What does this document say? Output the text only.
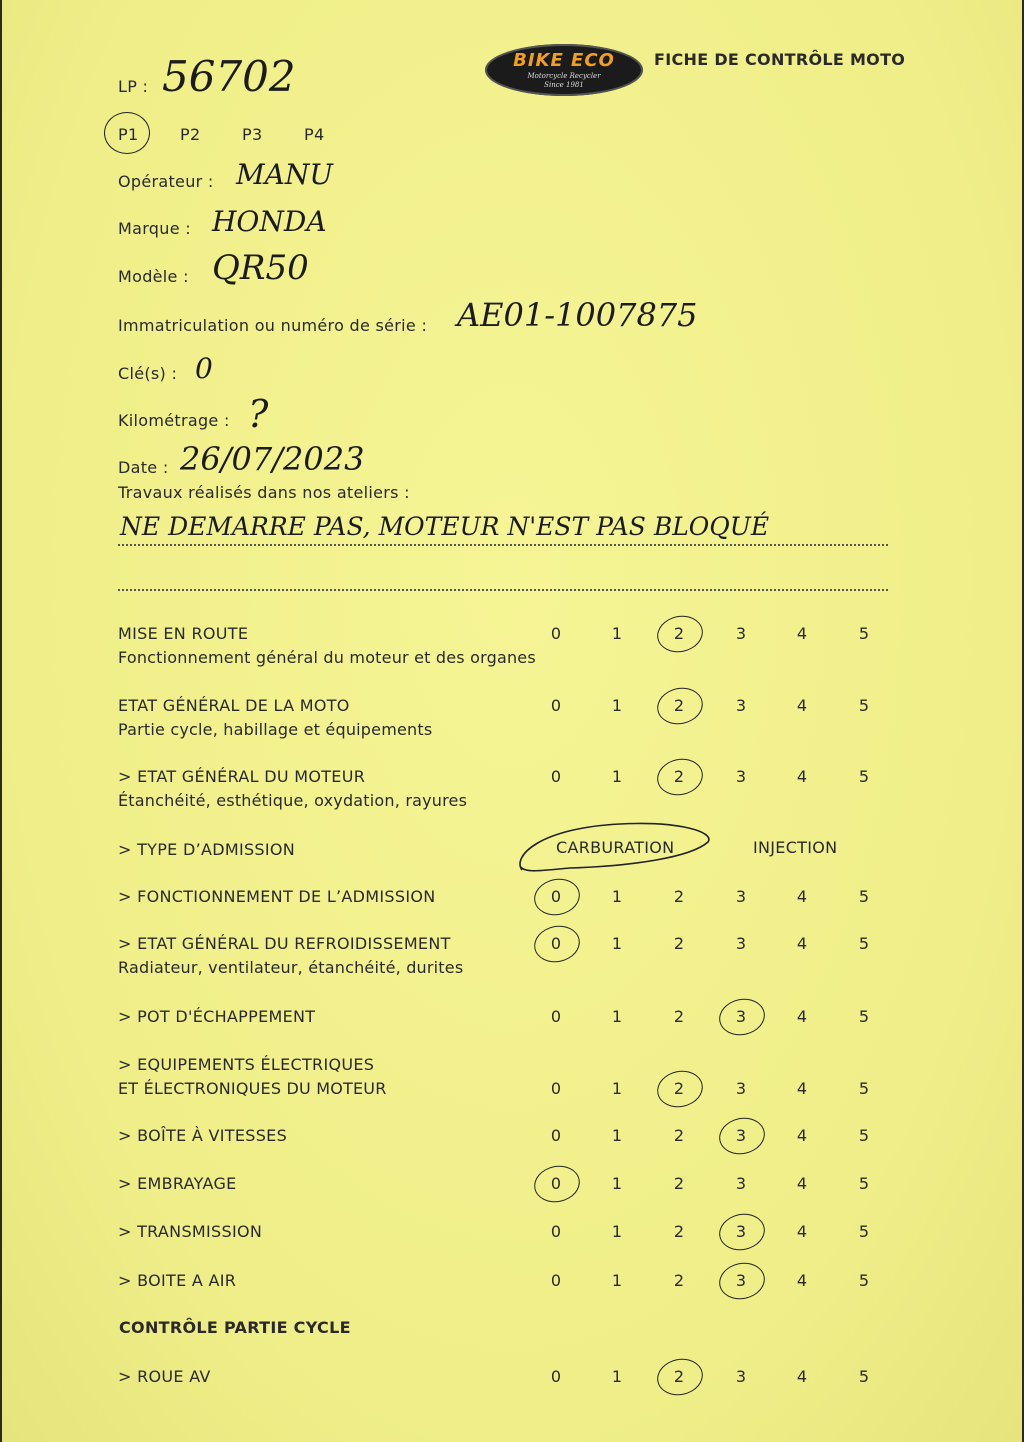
BIKE ECO
Motorcycle Recycler
Since 1981
FICHE DE CONTRÔLE MOTO
LP : 56702
P1	P2	P3	P4
Opérateur : MANU
Marque : HONDA
Modèle : QR50
Immatriculation ou numéro de série : AE01-1007875
Clé(s) : 0
Kilométrage : ?
Date : 26/07/2023
Travaux réalisés dans nos ateliers :
NE DEMARRE PAS, MOTEUR N'EST PAS BLOQUÉ
MISE EN ROUTE
Fonctionnement général du moteur et des organes
0	1	2	3	4	5
ETAT GÉNÉRAL DE LA MOTO
Partie cycle, habillage et équipements
0	1	2	3	4	5
> ETAT GÉNÉRAL DU MOTEUR
Étanchéité, esthétique, oxydation, rayures
0	1	2	3	4	5
> FONCTIONNEMENT DE L’ADMISSION	0	1	2	3	4	5
> ETAT GÉNÉRAL DU REFROIDISSEMENT
Radiateur, ventilateur, étanchéité, durites
0	1	2	3	4	5
> POT D'ÉCHAPPEMENT	0	1	2	3	4	5
> EQUIPEMENTS ÉLECTRIQUES
ET ÉLECTRONIQUES DU MOTEUR	0	1	2	3	4	5
> BOÎTE À VITESSES	0	1	2	3	4	5
> EMBRAYAGE	0	1	2	3	4	5
> TRANSMISSION	0	1	2	3	4	5
> BOITE A AIR	0	1	2	3	4	5
> ROUE AV	0	1	2	3	4	5
> TYPE D’ADMISSION	CARBURATION	INJECTION
CONTRÔLE PARTIE CYCLE
